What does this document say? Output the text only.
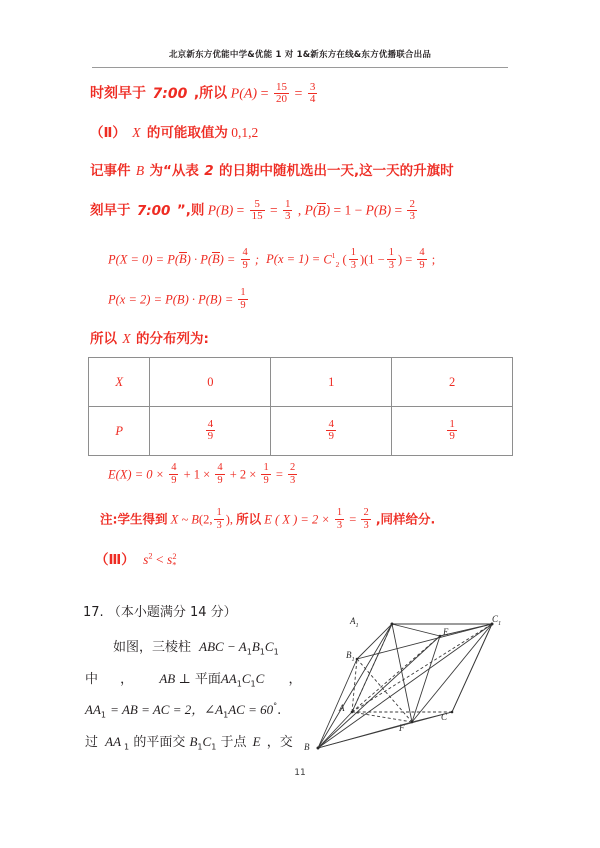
北京新东方优能中学&优能 1 对 1&新东方在线&东方优播联合出品
时刻早于 7:00 ,所以 $P(A) = \frac{15}{20} = \frac{3}{4}$
（Ⅱ） X 的可能取值为 0,1,2
记事件 B 为“从表 2 的日期中随机选出一天,这一天的升旗时
刻早于 7:00 ”,则 $P(B) = \frac{5}{15} = \frac{1}{3}$ , $P(B) = 1 - P(B) = \frac{2}{3}$
$P(X = 0) = P(B) \cdot P(B) = \frac{4}{9}$ ; $P(x = 1) = C^1_2$ ( $\frac{1}{3} )(1 - \frac{1}{3}$ ) = $\frac{4}{9}$ ;
$P(x = 2) = P(B) \cdot P(B) = \frac{1}{9}$
所以 X 的分布列为:
X	0	1	2
P	$\frac{4}{9}$	$\frac{4}{9}$	$\frac{1}{9}$
$E(X) = 0 \times \frac{4}{9} + 1 \times \frac{4}{9} + 2 \times \frac{1}{9} = \frac{2}{3}$
注:学生得到 X ~ B(2, $\frac{1}{3}$ ), 所以 E ( X ) = $2 \times \frac{1}{3} = \frac{2}{3}$ ,同样给分.
（Ⅲ） $s^2 < s_*^2$
17. （本小题满分 14 分）
如图，三棱柱 ABC − $A_1B_1C_1$
中 ， AB ⊥ 平面$AA_1C_1C$ ，
$AA_1$ = AB = AC = 2，$\angle A_1AC = 60^\circ$.
过 AA $_1$ 的平面交 $B_1C_1$ 于点 E ，交
$A_1$
$C_1$
E
$B_1$
A
C
F
B
11
